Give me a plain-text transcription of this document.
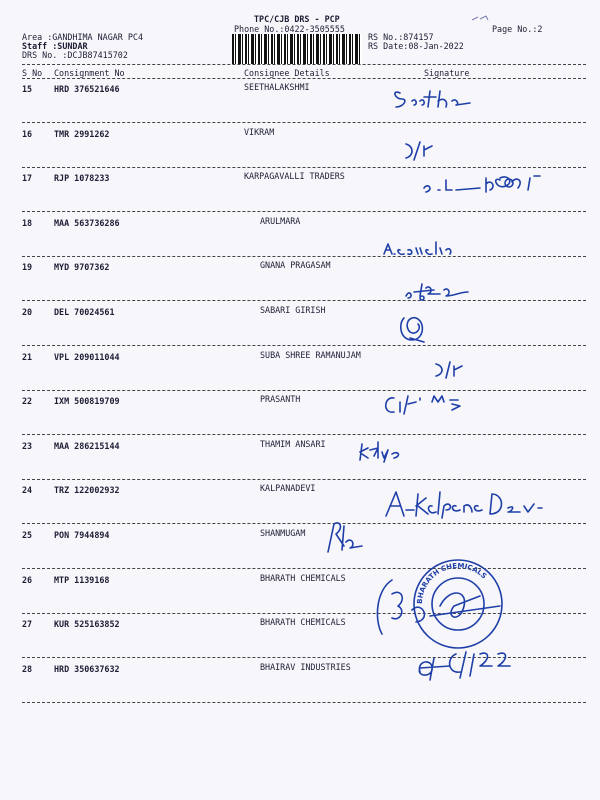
TPC/CJB DRS - PCP
Phone No.:0422-3505555	Page No.:2
Area :GANDHIMA NAGAR PC4
Staff :SUNDAR
DRS No. :DCJB87415702
RS No.:874157
RS Date:08-Jan-2022
S No Consignment No	Consignee Details	Signature
15	HRD 376521646	SEETHALAKSHMI
16	TMR 2991262	VIKRAM
17	RJP 1078233	KARPAGAVALLI TRADERS
18	MAA 563736286	ARULMARA
19	MYD 9707362	GNANA PRAGASAM
20	DEL 70024561	SABARI GIRISH
21	VPL 209011044	SUBA SHREE RAMANUJAM
22	IXM 500819709	PRASANTH
23	MAA 286215144	THAMIM ANSARI
24	TRZ 122002932	KALPANADEVI
25	PON 7944894	SHANMUGAM
26	MTP 1139168	BHARATH CHEMICALS
27	KUR 525163852	BHARATH CHEMICALS
28	HRD 350637632	BHAIRAV INDUSTRIES
BHARATH CHEMICALS
